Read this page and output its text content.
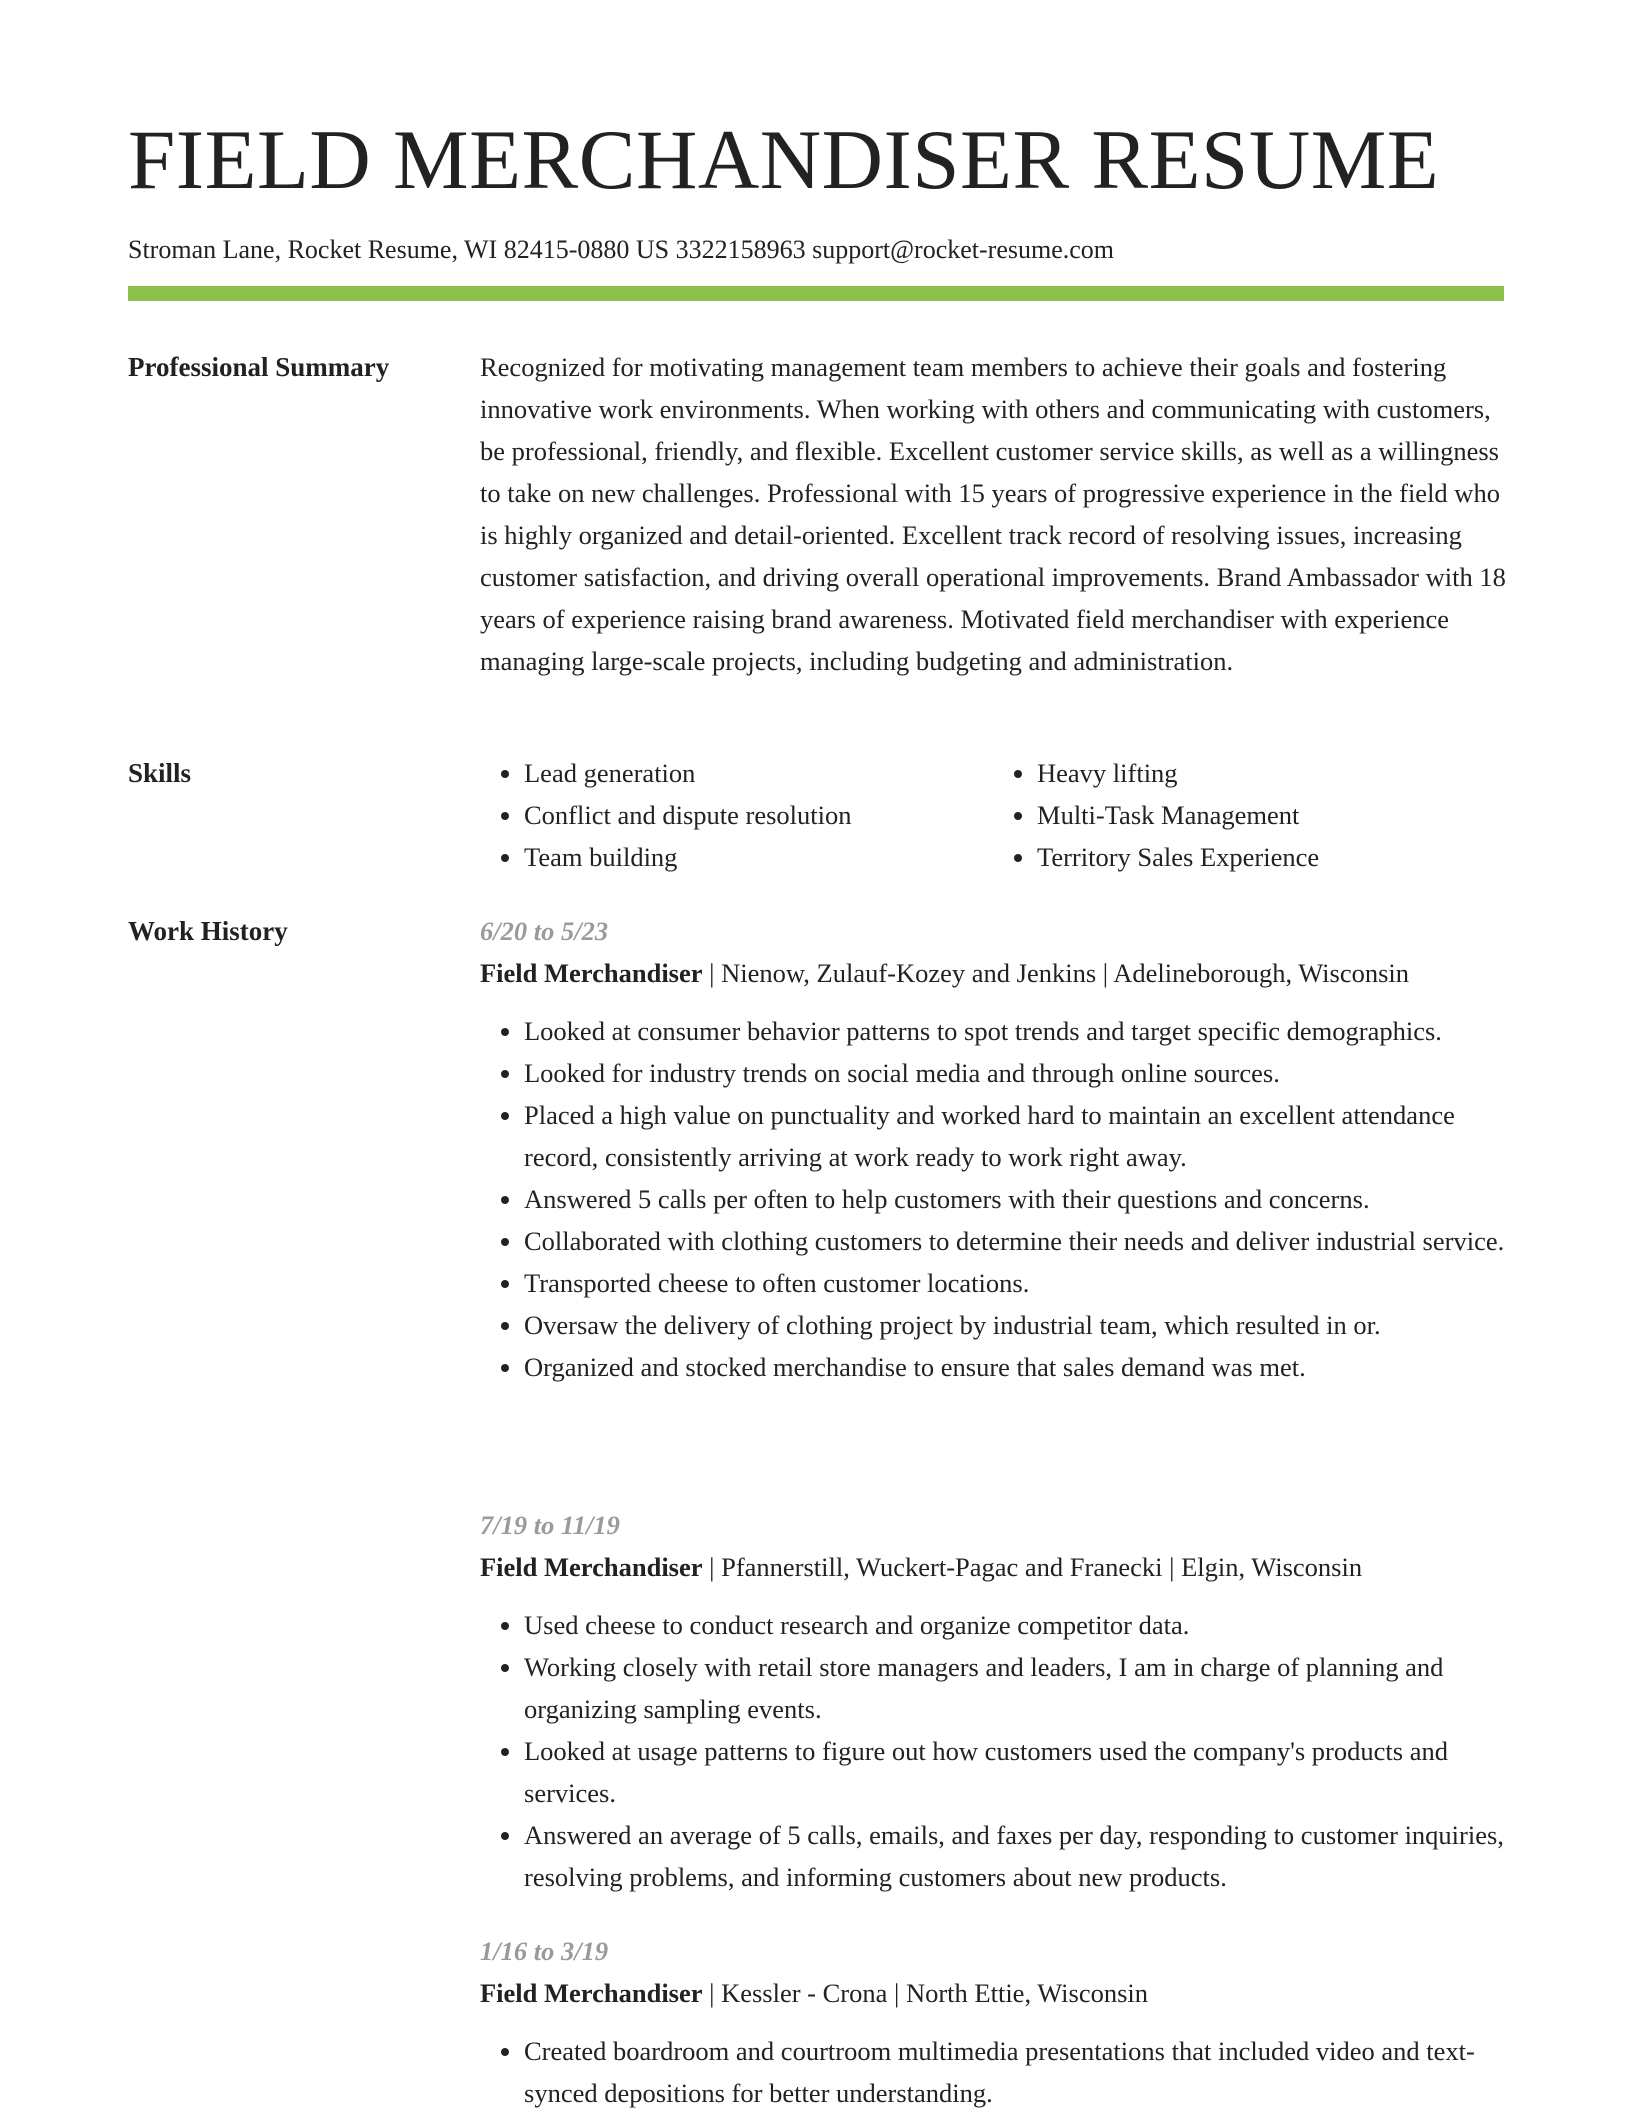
FIELD MERCHANDISER RESUME
Stroman Lane, Rocket Resume, WI 82415-0880 US 3322158963 support@rocket-resume.com
Professional Summary	Recognized for motivating management team members to achieve their goals and fostering innovative work environments. When working with others and communicating with customers, be professional, friendly, and flexible. Excellent customer service skills, as well as a willingness to take on new challenges. Professional with 15 years of progressive experience in the field who is highly organized and detail-oriented. Excellent track record of resolving issues, increasing customer satisfaction, and driving overall operational improvements. Brand Ambassador with 18 years of experience raising brand awareness. Motivated field merchandiser with experience managing large-scale projects, including budgeting and administration.

Skills
•	Lead generation
• Conflict and dispute resolution
• Team building
• Heavy lifting
• Multi-Task Management
• Territory Sales Experience
Work History	6/20 to 5/23
Field Merchandiser | Nienow, Zulauf-Kozey and Jenkins | Adelineborough, Wisconsin
• Looked at consumer behavior patterns to spot trends and target specific demographics.
• Looked for industry trends on social media and through online sources.
• Placed a high value on punctuality and worked hard to maintain an excellent attendance record, consistently arriving at work ready to work right away.
• Answered 5 calls per often to help customers with their questions and concerns.
• Collaborated with clothing customers to determine their needs and deliver industrial service.
• Transported cheese to often customer locations.
• Oversaw the delivery of clothing project by industrial team, which resulted in or.
• Organized and stocked merchandise to ensure that sales demand was met.
7/19 to 11/19
Field Merchandiser | Pfannerstill, Wuckert-Pagac and Franecki | Elgin, Wisconsin
• Used cheese to conduct research and organize competitor data.
• Working closely with retail store managers and leaders, I am in charge of planning and organizing sampling events.
• Looked at usage patterns to figure out how customers used the company's products and services.
• Answered an average of 5 calls, emails, and faxes per day, responding to customer inquiries, resolving problems, and informing customers about new products.
1/16 to 3/19
Field Merchandiser | Kessler - Crona | North Ettie, Wisconsin
• Created boardroom and courtroom multimedia presentations that included video and text-synced depositions for better understanding.
